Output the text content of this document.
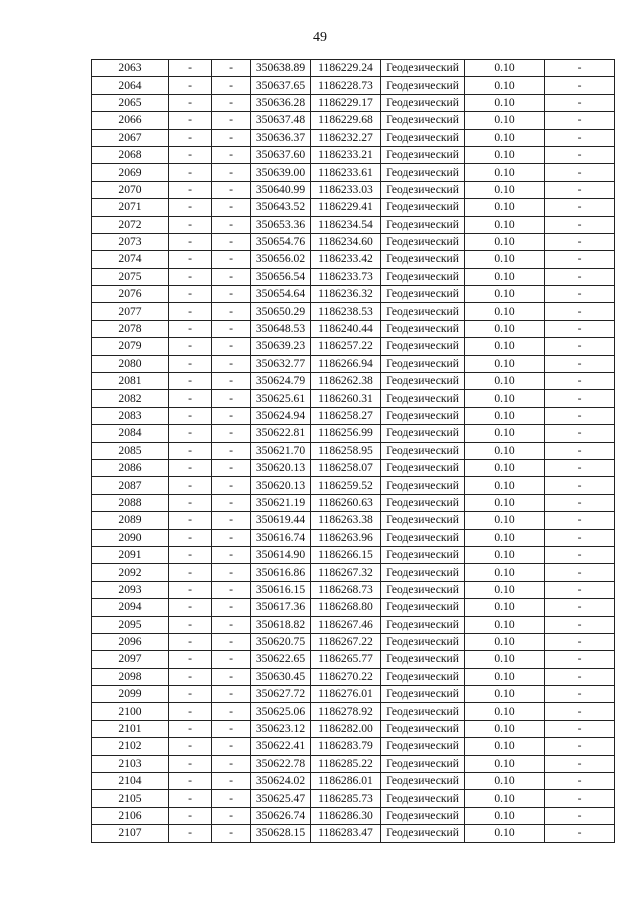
49
2063	-	-	350638.89	1186229.24	Геодезический	0.10	-
2064	-	-	350637.65	1186228.73	Геодезический	0.10	-
2065	-	-	350636.28	1186229.17	Геодезический	0.10	-
2066	-	-	350637.48	1186229.68	Геодезический	0.10	-
2067	-	-	350636.37	1186232.27	Геодезический	0.10	-
2068	-	-	350637.60	1186233.21	Геодезический	0.10	-
2069	-	-	350639.00	1186233.61	Геодезический	0.10	-
2070	-	-	350640.99	1186233.03	Геодезический	0.10	-
2071	-	-	350643.52	1186229.41	Геодезический	0.10	-
2072	-	-	350653.36	1186234.54	Геодезический	0.10	-
2073	-	-	350654.76	1186234.60	Геодезический	0.10	-
2074	-	-	350656.02	1186233.42	Геодезический	0.10	-
2075	-	-	350656.54	1186233.73	Геодезический	0.10	-
2076	-	-	350654.64	1186236.32	Геодезический	0.10	-
2077	-	-	350650.29	1186238.53	Геодезический	0.10	-
2078	-	-	350648.53	1186240.44	Геодезический	0.10	-
2079	-	-	350639.23	1186257.22	Геодезический	0.10	-
2080	-	-	350632.77	1186266.94	Геодезический	0.10	-
2081	-	-	350624.79	1186262.38	Геодезический	0.10	-
2082	-	-	350625.61	1186260.31	Геодезический	0.10	-
2083	-	-	350624.94	1186258.27	Геодезический	0.10	-
2084	-	-	350622.81	1186256.99	Геодезический	0.10	-
2085	-	-	350621.70	1186258.95	Геодезический	0.10	-
2086	-	-	350620.13	1186258.07	Геодезический	0.10	-
2087	-	-	350620.13	1186259.52	Геодезический	0.10	-
2088	-	-	350621.19	1186260.63	Геодезический	0.10	-
2089	-	-	350619.44	1186263.38	Геодезический	0.10	-
2090	-	-	350616.74	1186263.96	Геодезический	0.10	-
2091	-	-	350614.90	1186266.15	Геодезический	0.10	-
2092	-	-	350616.86	1186267.32	Геодезический	0.10	-
2093	-	-	350616.15	1186268.73	Геодезический	0.10	-
2094	-	-	350617.36	1186268.80	Геодезический	0.10	-
2095	-	-	350618.82	1186267.46	Геодезический	0.10	-
2096	-	-	350620.75	1186267.22	Геодезический	0.10	-
2097	-	-	350622.65	1186265.77	Геодезический	0.10	-
2098	-	-	350630.45	1186270.22	Геодезический	0.10	-
2099	-	-	350627.72	1186276.01	Геодезический	0.10	-
2100	-	-	350625.06	1186278.92	Геодезический	0.10	-
2101	-	-	350623.12	1186282.00	Геодезический	0.10	-
2102	-	-	350622.41	1186283.79	Геодезический	0.10	-
2103	-	-	350622.78	1186285.22	Геодезический	0.10	-
2104	-	-	350624.02	1186286.01	Геодезический	0.10	-
2105	-	-	350625.47	1186285.73	Геодезический	0.10	-
2106	-	-	350626.74	1186286.30	Геодезический	0.10	-
2107	-	-	350628.15	1186283.47	Геодезический	0.10	-
